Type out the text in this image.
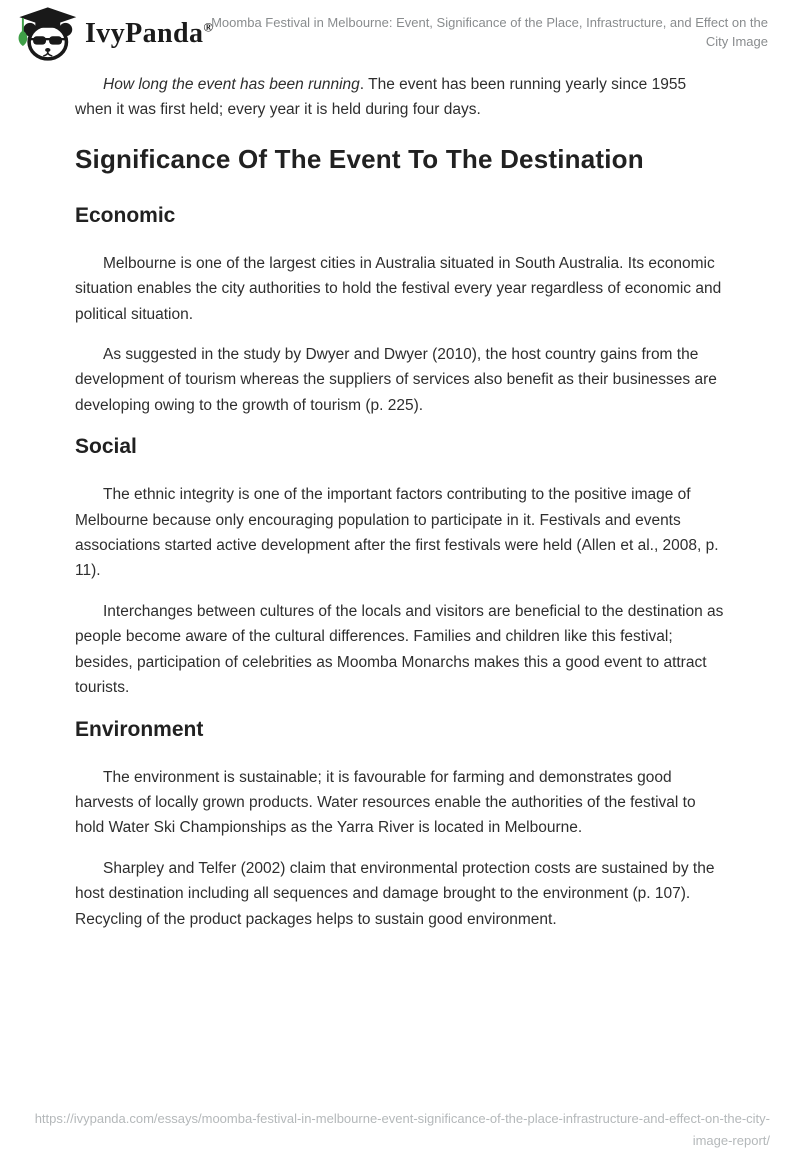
IvyPanda®
Moomba Festival in Melbourne: Event, Significance of the Place, Infrastructure, and Effect on the City Image

How long the event has been running. The event has been running yearly since 1955 when it was first held; every year it is held during four days.

Significance Of The Event To The Destination
Economic

Melbourne is one of the largest cities in Australia situated in South Australia. Its economic situation enables the city authorities to hold the festival every year regardless of economic and political situation.

As suggested in the study by Dwyer and Dwyer (2010), the host country gains from the development of tourism whereas the suppliers of services also benefit as their businesses are developing owing to the growth of tourism (p. 225).

Social

The ethnic integrity is one of the important factors contributing to the positive image of Melbourne because only encouraging population to participate in it. Festivals and events associations started active development after the first festivals were held (Allen et al., 2008, p. 11).

Interchanges between cultures of the locals and visitors are beneficial to the destination as people become aware of the cultural differences. Families and children like this festival; besides, participation of celebrities as Moomba Monarchs makes this a good event to attract tourists.

Environment

The environment is sustainable; it is favourable for farming and demonstrates good harvests of locally grown products. Water resources enable the authorities of the festival to hold Water Ski Championships as the Yarra River is located in Melbourne.

Sharpley and Telfer (2002) claim that environmental protection costs are sustained by the host destination including all sequences and damage brought to the environment (p. 107). Recycling of the product packages helps to sustain good environment.

https://ivypanda.com/essays/moomba-festival-in-melbourne-event-significance-of-the-place-infrastructure-and-effect-on-the-city-image-report/
